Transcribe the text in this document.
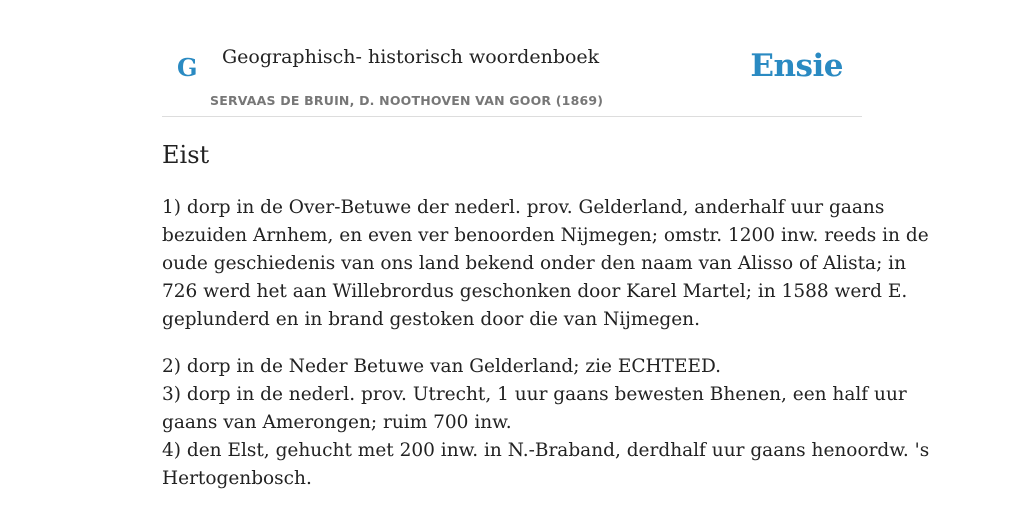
G Geographisch- historisch woordenboek
SERVAAS DE BRUIN, D. NOOTHOVEN VAN GOOR (1869)
Ensie
Eist

1) dorp in de Over-Betuwe der nederl. prov. Gelderland, anderhalf uur gaans
bezuiden Arnhem, en even ver benoorden Nijmegen; omstr. 1200 inw. reeds in de
oude geschiedenis van ons land bekend onder den naam van Alisso of Alista; in
726 werd het aan Willebrordus geschonken door Karel Martel; in 1588 werd E.
geplunderd en in brand gestoken door die van Nijmegen.

2) dorp in de Neder Betuwe van Gelderland; zie ECHTEED.
3) dorp in de nederl. prov. Utrecht, 1 uur gaans bewesten Bhenen, een half uur
gaans van Amerongen; ruim 700 inw.
4) den Elst, gehucht met 200 inw. in N.-Braband, derdhalf uur gaans henoordw. 's
Hertogenbosch.
